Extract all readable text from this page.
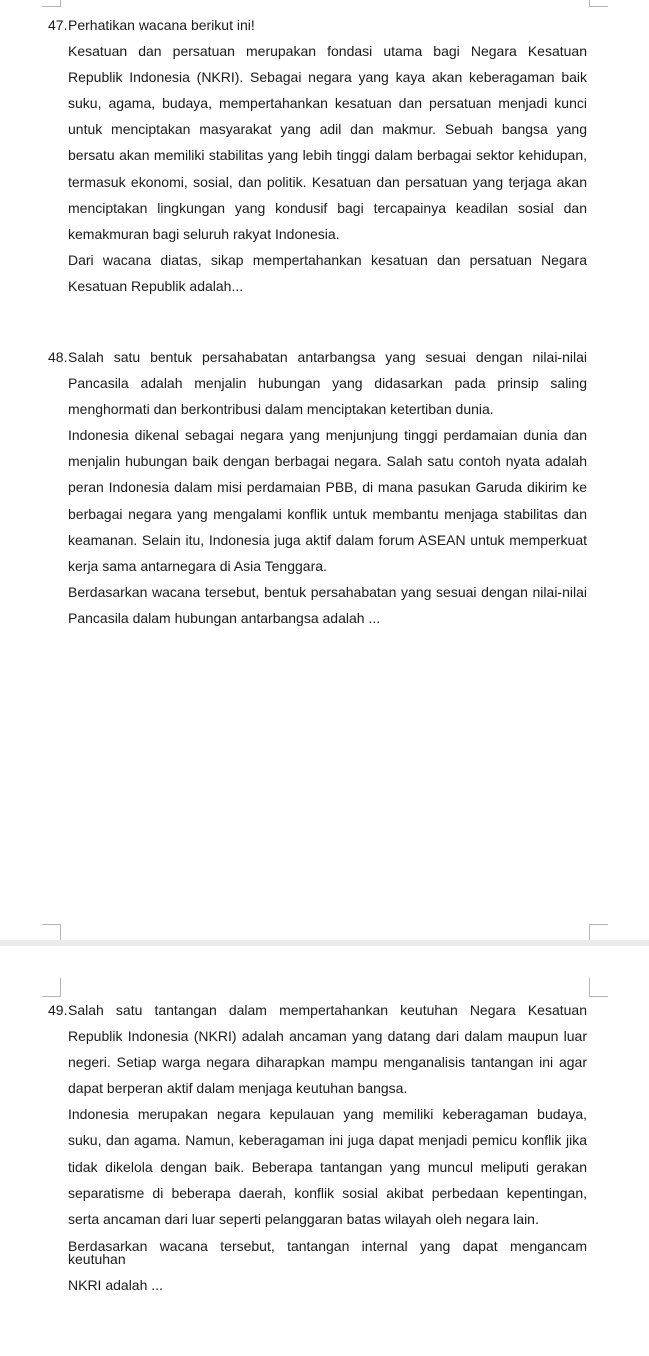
47. Perhatikan wacana berikut ini!

Kesatuan dan persatuan merupakan fondasi utama bagi Negara Kesatuan Republik Indonesia (NKRI). Sebagai negara yang kaya akan keberagaman baik suku, agama, budaya, mempertahankan kesatuan dan persatuan menjadi kunci untuk menciptakan masyarakat yang adil dan makmur. Sebuah bangsa yang bersatu akan memiliki stabilitas yang lebih tinggi dalam berbagai sektor kehidupan, termasuk ekonomi, sosial, dan politik. Kesatuan dan persatuan yang terjaga akan menciptakan lingkungan yang kondusif bagi tercapainya keadilan sosial dan kemakmuran bagi seluruh rakyat Indonesia.

Dari wacana diatas, sikap mempertahankan kesatuan dan persatuan Negara Kesatuan Republik adalah...

48. Salah satu bentuk persahabatan antarbangsa yang sesuai dengan nilai-nilai Pancasila adalah menjalin hubungan yang didasarkan pada prinsip saling menghormati dan berkontribusi dalam menciptakan ketertiban dunia.

Indonesia dikenal sebagai negara yang menjunjung tinggi perdamaian dunia dan menjalin hubungan baik dengan berbagai negara. Salah satu contoh nyata adalah peran Indonesia dalam misi perdamaian PBB, di mana pasukan Garuda dikirim ke berbagai negara yang mengalami konflik untuk membantu menjaga stabilitas dan keamanan. Selain itu, Indonesia juga aktif dalam forum ASEAN untuk memperkuat kerja sama antarnegara di Asia Tenggara.

Berdasarkan wacana tersebut, bentuk persahabatan yang sesuai dengan nilai-nilai Pancasila dalam hubungan antarbangsa adalah ...

49. Salah satu tantangan dalam mempertahankan keutuhan Negara Kesatuan Republik Indonesia (NKRI) adalah ancaman yang datang dari dalam maupun luar negeri. Setiap warga negara diharapkan mampu menganalisis tantangan ini agar dapat berperan aktif dalam menjaga keutuhan bangsa.

Indonesia merupakan negara kepulauan yang memiliki keberagaman budaya, suku, dan agama. Namun, keberagaman ini juga dapat menjadi pemicu konflik jika tidak dikelola dengan baik. Beberapa tantangan yang muncul meliputi gerakan separatisme di beberapa daerah, konflik sosial akibat perbedaan kepentingan, serta ancaman dari luar seperti pelanggaran batas wilayah oleh negara lain.

Berdasarkan wacana tersebut, tantangan internal yang dapat mengancam keutuhan

NKRI adalah ...
